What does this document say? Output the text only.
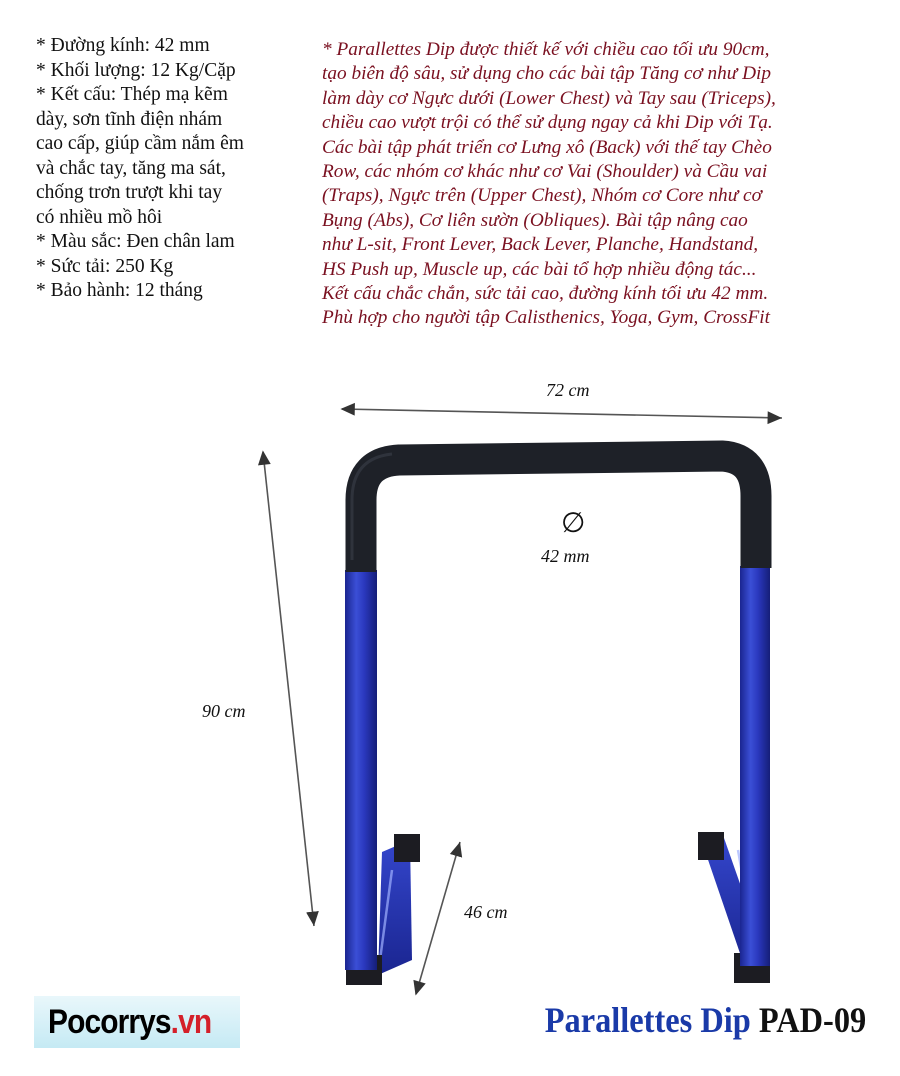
* Đường kính: 42 mm
* Khối lượng: 12 Kg/Cặp
* Kết cấu: Thép mạ kẽm
dày, sơn tĩnh điện nhám
cao cấp, giúp cầm nắm êm
và chắc tay, tăng ma sát,
chống trơn trượt khi tay
có nhiều mồ hôi
* Màu sắc: Đen chân lam
* Sức tải: 250 Kg
* Bảo hành: 12 tháng
* Parallettes Dip được thiết kế với chiều cao tối ưu 90cm,
tạo biên độ sâu, sử dụng cho các bài tập Tăng cơ như Dip
làm dày cơ Ngực dưới (Lower Chest) và Tay sau (Triceps),
chiều cao vượt trội có thể sử dụng ngay cả khi Dip với Tạ.
Các bài tập phát triển cơ Lưng xô (Back) với thế tay Chèo
Row, các nhóm cơ khác như cơ Vai (Shoulder) và Cầu vai
(Traps), Ngực trên (Upper Chest), Nhóm cơ Core như cơ
Bụng (Abs), Cơ liên sườn (Obliques). Bài tập nâng cao
như L-sit, Front Lever, Back Lever, Planche, Handstand,
HS Push up, Muscle up, các bài tổ hợp nhiều động tác...
Kết cấu chắc chắn, sức tải cao, đường kính tối ưu 42 mm.
Phù hợp cho người tập Calisthenics, Yoga, Gym, CrossFit
72 cm
90 cm
46 cm
∅
42 mm
Pocorrys.vn	Parallettes Dip PAD-09
